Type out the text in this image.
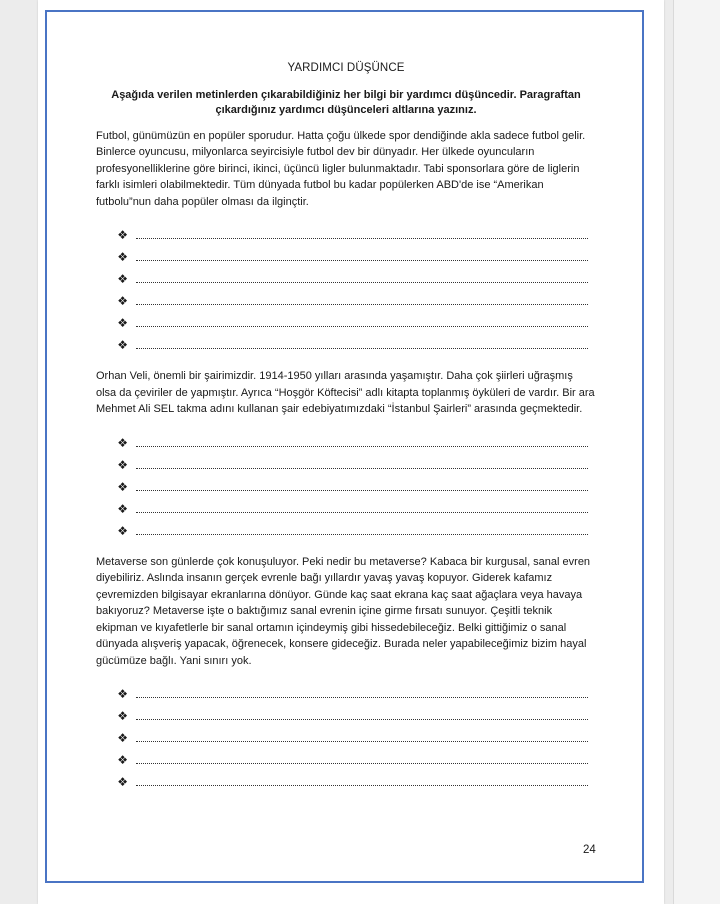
YARDIMCI DÜŞÜNCE
Aşağıda verilen metinlerden çıkarabildiğiniz her bilgi bir yardımcı düşüncedir. Paragraftan
çıkardığınız yardımcı düşünceleri altlarına yazınız.

Futbol, günümüzün en popüler sporudur. Hatta çoğu ülkede spor dendiğinde akla sadece futbol gelir. Binlerce oyuncusu, milyonlarca seyircisiyle futbol dev bir dünyadır. Her ülkede oyuncuların profesyonelliklerine göre birinci, ikinci, üçüncü ligler bulunmaktadır. Tabi sponsorlara göre de liglerin farklı isimleri olabilmektedir. Tüm dünyada futbol bu kadar popülerken ABD'de ise “Amerikan futbolu”nun daha popüler olması da ilginçtir.

❖
❖
❖
❖
❖
❖

Orhan Veli, önemli bir şairimizdir. 1914-1950 yılları arasında yaşamıştır. Daha çok şiirleri uğraşmış olsa da çeviriler de yapmıştır. Ayrıca “Hoşgör Köftecisi” adlı kitapta toplanmış öyküleri de vardır. Bir ara Mehmet Ali SEL takma adını kullanan şair edebiyatımızdaki “İstanbul Şairleri” arasında geçmektedir.

❖
❖
❖
❖
❖

Metaverse son günlerde çok konuşuluyor. Peki nedir bu metaverse? Kabaca bir kurgusal, sanal evren diyebiliriz. Aslında insanın gerçek evrenle bağı yıllardır yavaş yavaş kopuyor. Giderek kafamız çevremizden bilgisayar ekranlarına dönüyor. Günde kaç saat ekrana kaç saat ağaçlara veya havaya bakıyoruz? Metaverse işte o baktığımız sanal evrenin içine girme fırsatı sunuyor. Çeşitli teknik ekipman ve kıyafetlerle bir sanal ortamın içindeymiş gibi hissedebileceğiz. Belki gittiğimiz o sanal dünyada alışveriş yapacak, öğrenecek, konsere gideceğiz. Burada neler yapabileceğimiz bizim hayal gücümüze bağlı. Yani sınırı yok.

❖
❖
❖
❖
❖
24
